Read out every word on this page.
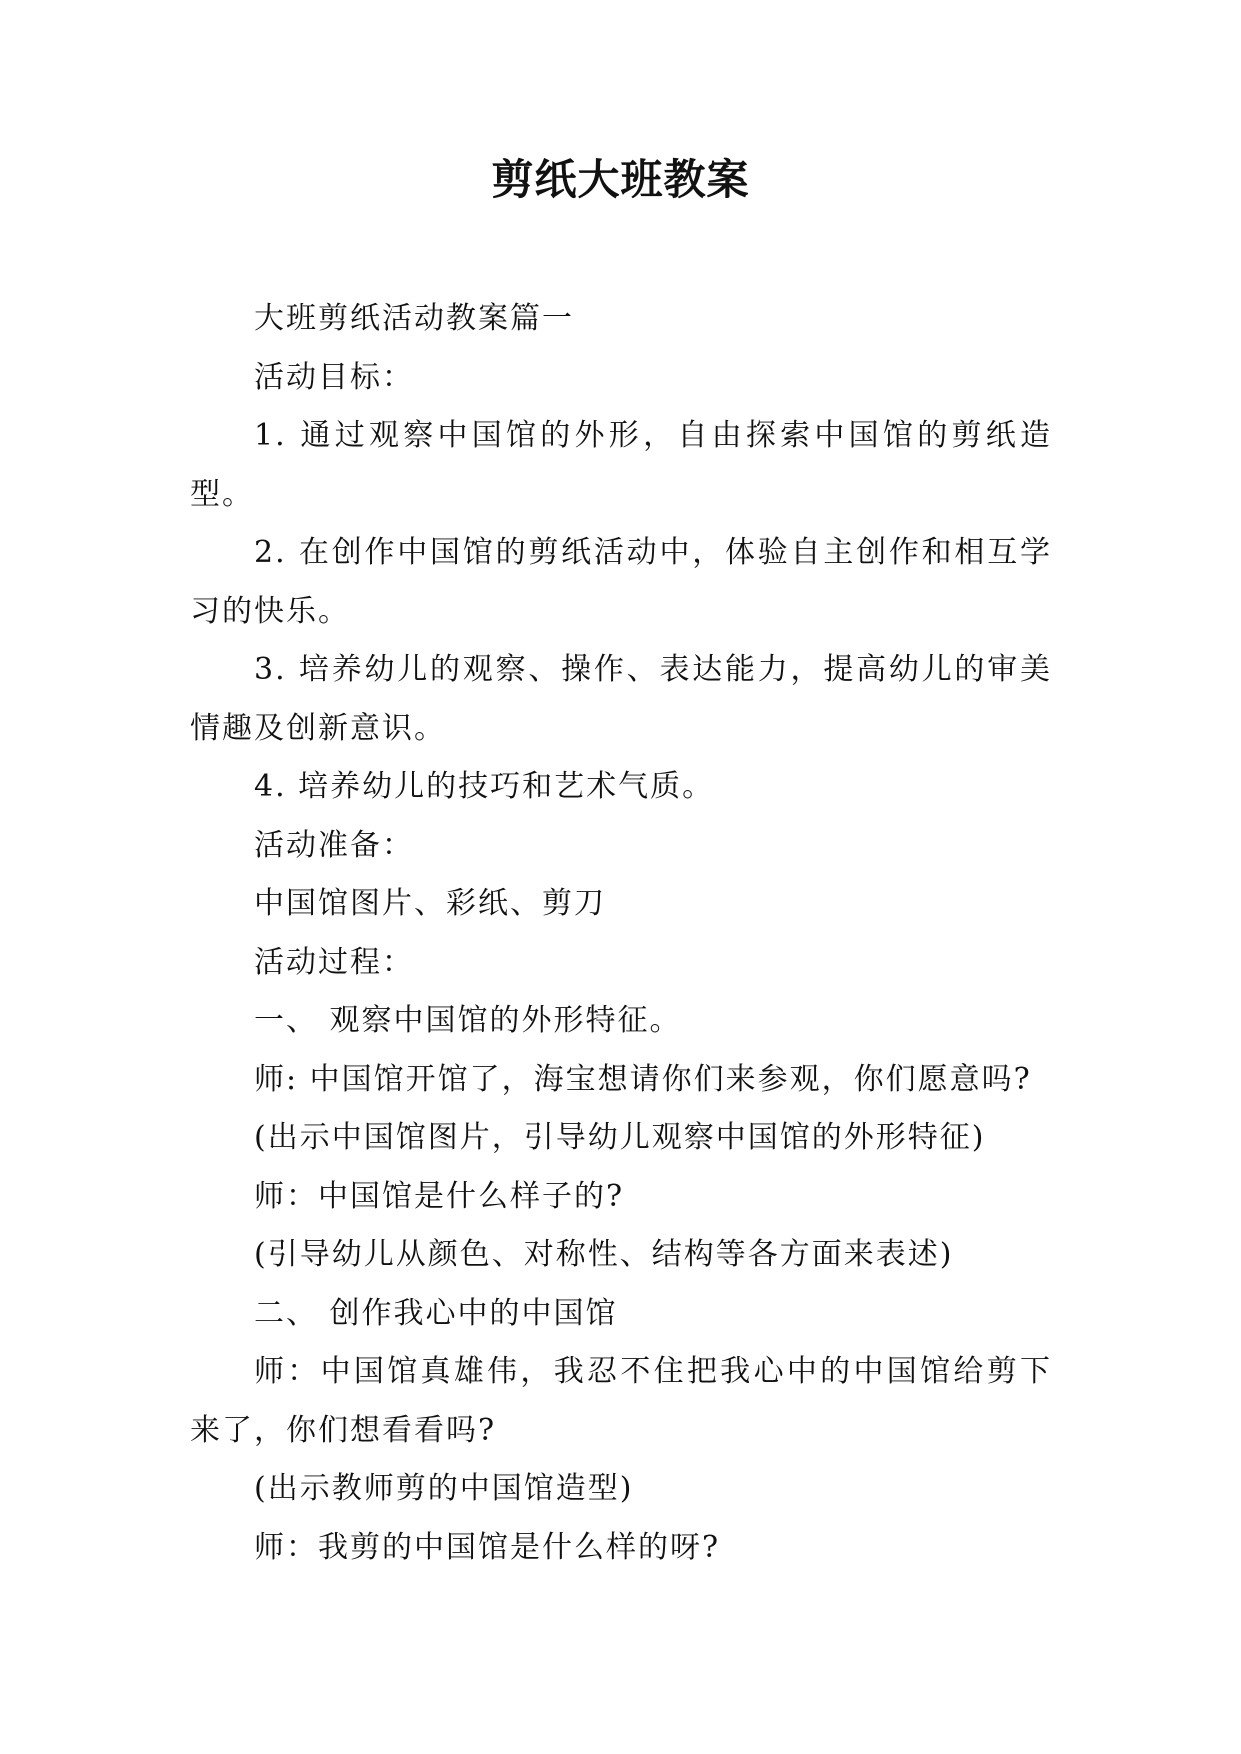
剪纸大班教案

大班剪纸活动教案篇一

活动目标：

1. 通过观察中国馆的外形，自由探索中国馆的剪纸造型。

2. 在创作中国馆的剪纸活动中，体验自主创作和相互学习的快乐。

3. 培养幼儿的观察、操作、表达能力，提高幼儿的审美情趣及创新意识。

4. 培养幼儿的技巧和艺术气质。

活动准备：

中国馆图片、彩纸、剪刀

活动过程：

一、 观察中国馆的外形特征。

师: 中国馆开馆了，海宝想请你们来参观，你们愿意吗?

(出示中国馆图片，引导幼儿观察中国馆的外形特征)

师：中国馆是什么样子的?

(引导幼儿从颜色、对称性、结构等各方面来表述)

二、 创作我心中的中国馆

师：中国馆真雄伟，我忍不住把我心中的中国馆给剪下来了，你们想看看吗?

(出示教师剪的中国馆造型)

师：我剪的中国馆是什么样的呀?
